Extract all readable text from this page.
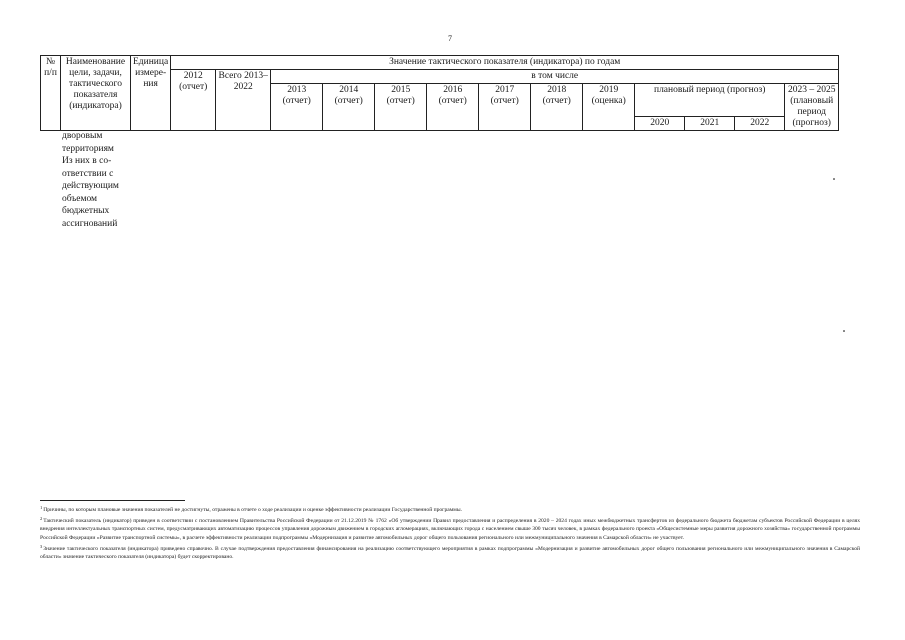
7
№ п/п	Наименование цели, задачи, тактического показателя (индикатора)	Единица измере- ния	Значение тактического показателя (индикатора) по годам												
			2012 (отчет)	Всего 2013–2022	в том числе										
					2013 (отчет)	2014 (отчет)	2015 (отчет)	2016 (отчет)	2017 (отчет)	2018 (отчет)	2019 (оценка)	плановый период (прогноз)			2023 – 2025 (плановый период (прогноз)
												2020	2021	2022	
дворовым
территориям
Из них в со-
ответствии с
действующим
объемом
бюджетных
ассигнований

$^1$Причины, по которым плановые значения показателей не достигнуты, отражены в отчете о ходе реализации и оценке эффективности реализации Государственной программы.

$^2$Тактический показатель (индикатор) приведен в соответствии с постановлением Правительства Российской Федерации от 21.12.2019 № 1762 «Об утверждении Правил предоставления и распределения в 2020 – 2024 годах иных межбюджетных трансфертов из федерального бюджета бюджетам субъектов Российской Федерации в целях внедрения интеллектуальных транспортных систем, предусматривающих автоматизацию процессов управления дорожным движением в городских агломерациях, включающих города с населением свыше 300 тысяч человек, в рамках федерального проекта «Общесистемные меры развития дорожного хозяйства» государственной программы Российской Федерации «Развитие транспортной системы», в расчете эффективности реализации подпрограммы «Модернизация и развитие автомобильных дорог общего пользования регионального или межмуниципального значения в Самарской области» не участвует.

$^3$Значение тактического показателя (индикатора) приведено справочно. В случае подтверждения предоставления финансирования на реализацию соответствующего мероприятия в рамках подпрограммы «Модернизация и развитие автомобильных дорог общего пользования регионального или межмуниципального значения в Самарской области» значение тактического показателя (индикатора) будет скорректировано.
